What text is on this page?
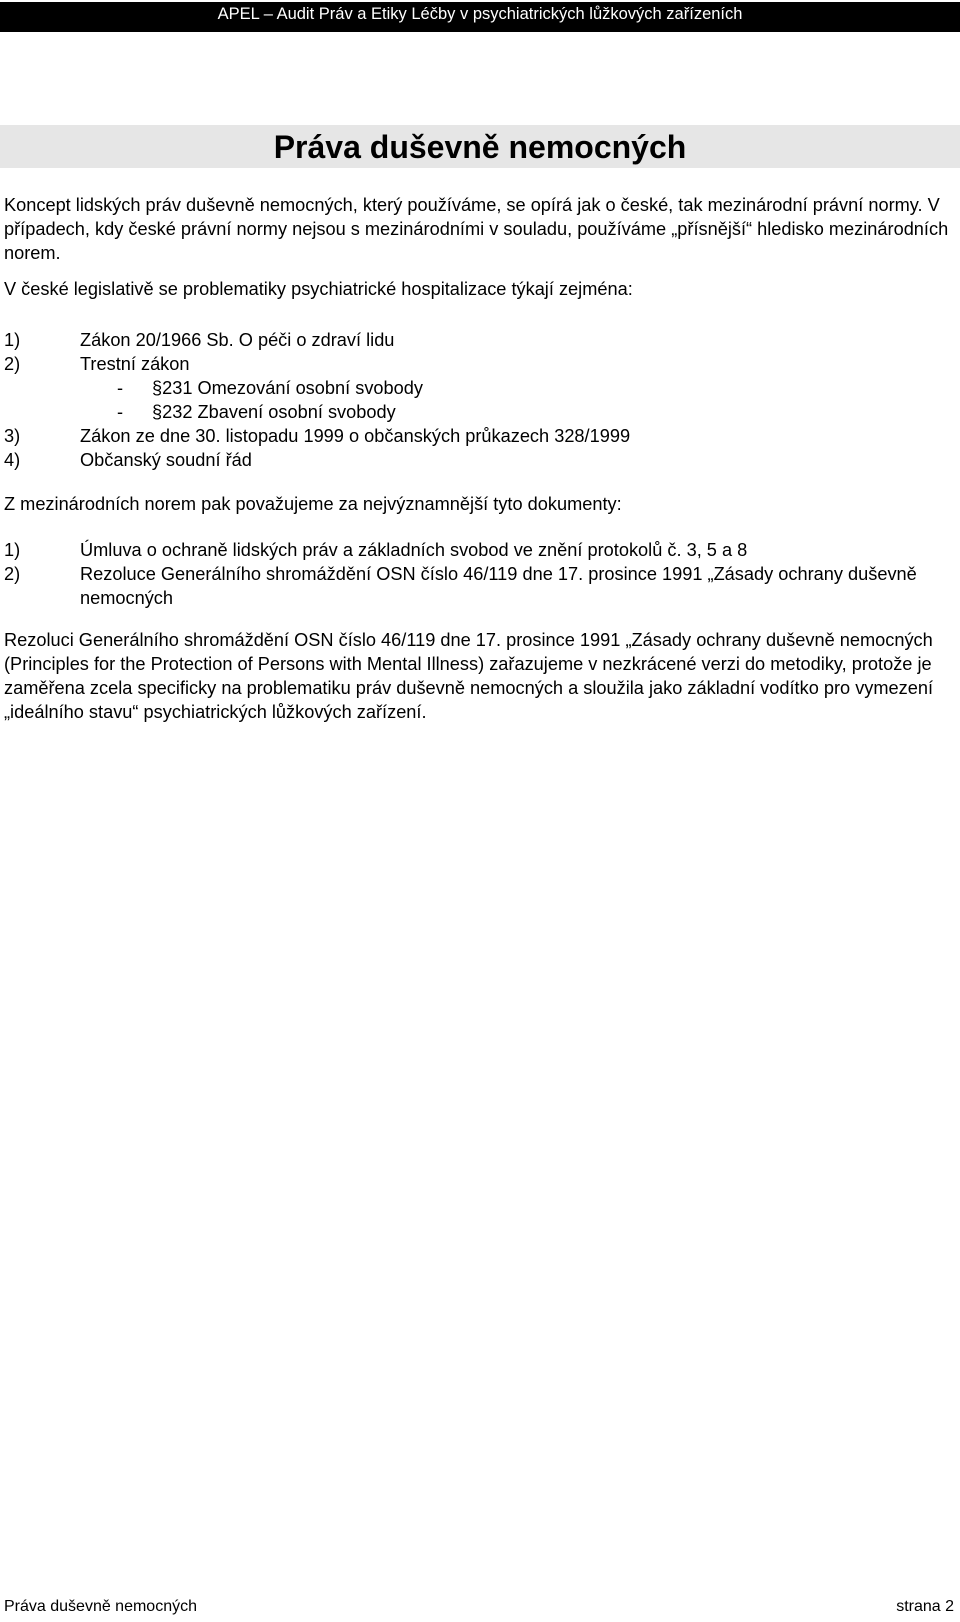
APEL – Audit Práv a Etiky Léčby v psychiatrických lůžkových zařízeních
Práva duševně nemocných

Koncept lidských práv duševně nemocných, který používáme, se opírá jak o české, tak mezinárodní právní normy. V případech, kdy české právní normy nejsou s mezinárodními v souladu, používáme „přísnější“ hledisko mezinárodních norem.

V české legislativě se problematiky psychiatrické hospitalizace týkají zejména:

1)	Zákon 20/1966 Sb. O péči o zdraví lidu
2)	Trestní zákon
- §231 Omezování osobní svobody
- §232 Zbavení osobní svobody
3)	Zákon ze dne 30. listopadu 1999 o občanských průkazech 328/1999
4)	Občanský soudní řád

Z mezinárodních norem pak považujeme za nejvýznamnější tyto dokumenty:

1)	Úmluva o ochraně lidských práv a základních svobod ve znění protokolů č. 3, 5 a 8
2)	Rezoluce Generálního shromáždění OSN číslo 46/119 dne 17. prosince 1991 „Zásady ochrany duševně nemocných

Rezoluci Generálního shromáždění OSN číslo 46/119 dne 17. prosince 1991 „Zásady ochrany duševně nemocných (Principles for the Protection of Persons with Mental Illness) zařazujeme v nezkrácené verzi do metodiky, protože je zaměřena zcela specificky na problematiku práv duševně nemocných a sloužila jako základní vodítko pro vymezení „ideálního stavu“ psychiatrických lůžkových zařízení.

Práva duševně nemocných	strana 2
